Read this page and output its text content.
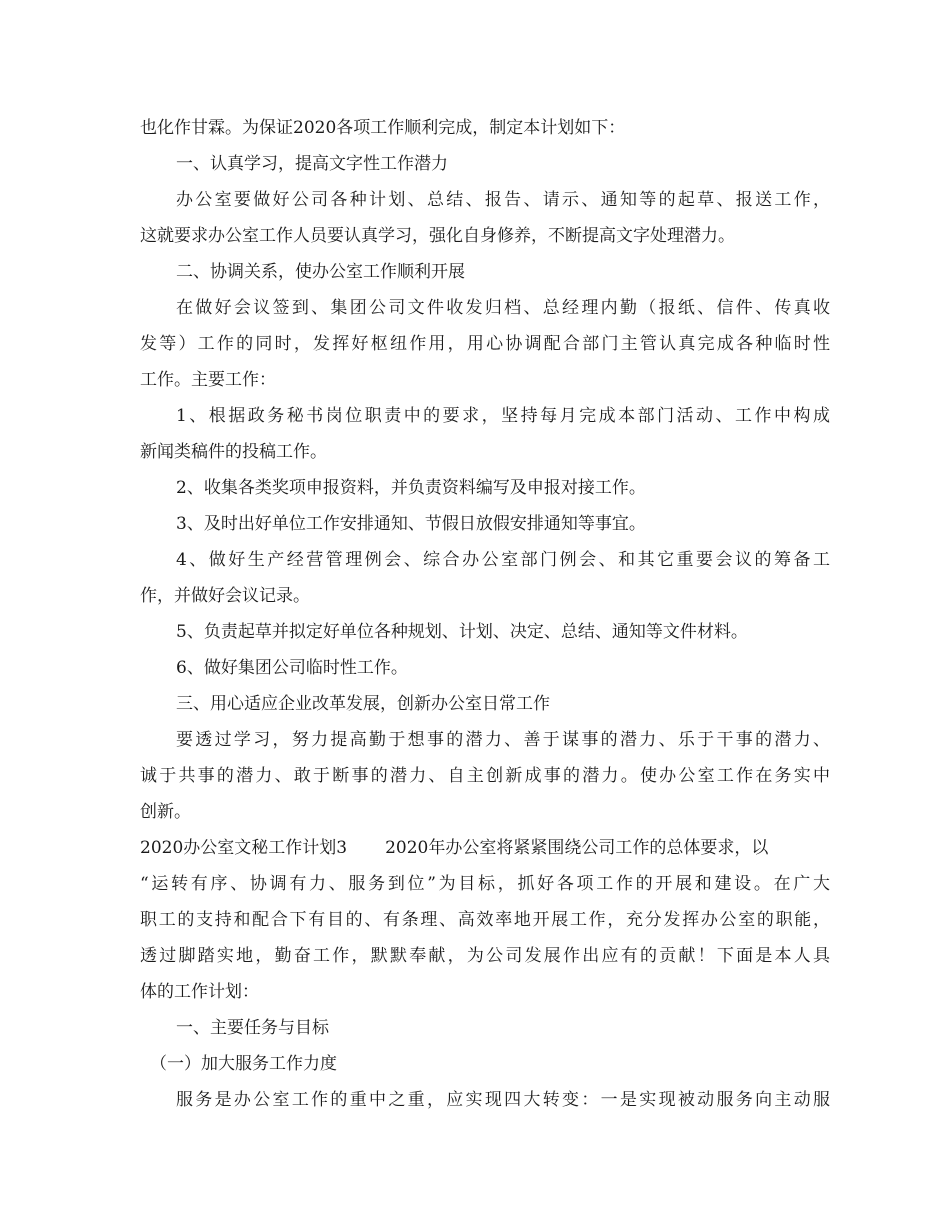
也化作甘霖。为保证2020各项工作顺利完成，制定本计划如下：
一、认真学习，提高文字性工作潜力
办公室要做好公司各种计划、总结、报告、请示、通知等的起草、报送工作，
这就要求办公室工作人员要认真学习，强化自身修养，不断提高文字处理潜力。
二、协调关系，使办公室工作顺利开展
在做好会议签到、集团公司文件收发归档、总经理内勤（报纸、信件、传真收
发等）工作的同时，发挥好枢纽作用，用心协调配合部门主管认真完成各种临时性
工作。主要工作：
1、根据政务秘书岗位职责中的要求，坚持每月完成本部门活动、工作中构成
新闻类稿件的投稿工作。
2、收集各类奖项申报资料，并负责资料编写及申报对接工作。
3、及时出好单位工作安排通知、节假日放假安排通知等事宜。
4、做好生产经营管理例会、综合办公室部门例会、和其它重要会议的筹备工
作，并做好会议记录。
5、负责起草并拟定好单位各种规划、计划、决定、总结、通知等文件材料。
6、做好集团公司临时性工作。
三、用心适应企业改革发展，创新办公室日常工作
要透过学习，努力提高勤于想事的潜力、善于谋事的潜力、乐于干事的潜力、
诚于共事的潜力、敢于断事的潜力、自主创新成事的潜力。使办公室工作在务实中
创新。
2020办公室文秘工作计划3 2020年办公室将紧紧围绕公司工作的总体要求，以
“运转有序、协调有力、服务到位”为目标，抓好各项工作的开展和建设。在广大
职工的支持和配合下有目的、有条理、高效率地开展工作，充分发挥办公室的职能，
透过脚踏实地，勤奋工作，默默奉献，为公司发展作出应有的贡献！下面是本人具
体的工作计划：
一、主要任务与目标
（一）加大服务工作力度
服务是办公室工作的重中之重，应实现四大转变：一是实现被动服务向主动服
